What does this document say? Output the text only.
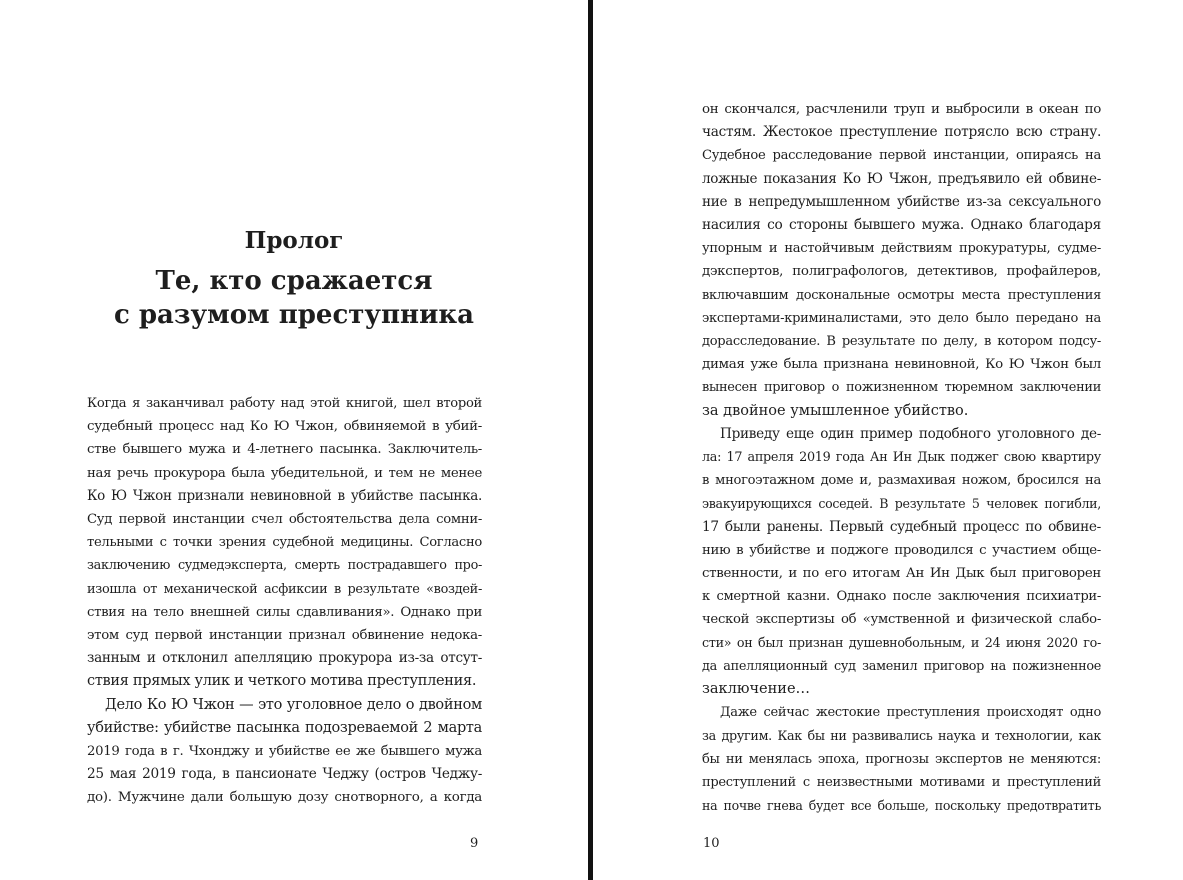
Пролог
Те, кто сражается
с разумом преступника
Когда я заканчивал работу над этой книгой, шел второй
судебный процесс над Ко Ю Чжон, обвиняемой в убий-
стве бывшего мужа и 4-летнего пасынка. Заключитель-
ная речь прокурора была убедительной, и тем не менее
Ко Ю Чжон признали невиновной в убийстве пасынка.
Суд первой инстанции счел обстоятельства дела сомни-
тельными с точки зрения судебной медицины. Согласно
заключению судмедэксперта, смерть пострадавшего про-
изошла от механической асфиксии в результате «воздей-
ствия на тело внешней силы сдавливания». Однако при
этом суд первой инстанции признал обвинение недока-
занным и отклонил апелляцию прокурора из-за отсут-
ствия прямых улик и четкого мотива преступления.
Дело Ко Ю Чжон — это уголовное дело о двойном
убийстве: убийстве пасынка подозреваемой 2 марта
2019 года в г. Чхонджу и убийстве ее же бывшего мужа
25 мая 2019 года, в пансионате Чеджу (остров Чеджу-
до). Мужчине дали большую дозу снотворного, а когда
9
он скончался, расчленили труп и выбросили в океан по
частям. Жестокое преступление потрясло всю страну.
Судебное расследование первой инстанции, опираясь на
ложные показания Ко Ю Чжон, предъявило ей обвине-
ние в непредумышленном убийстве из-за сексуального
насилия со стороны бывшего мужа. Однако благодаря
упорным и настойчивым действиям прокуратуры, судме-
дэкспертов, полиграфологов, детективов, профайлеров,
включавшим доскональные осмотры места преступления
экспертами-криминалистами, это дело было передано на
дорасследование. В результате по делу, в котором подсу-
димая уже была признана невиновной, Ко Ю Чжон был
вынесен приговор о пожизненном тюремном заключении
за двойное умышленное убийство.
Приведу еще один пример подобного уголовного де-
ла: 17 апреля 2019 года Ан Ин Дык поджег свою квартиру
в многоэтажном доме и, размахивая ножом, бросился на
эвакуирующихся соседей. В результате 5 человек погибли,
17 были ранены. Первый судебный процесс по обвине-
нию в убийстве и поджоге проводился с участием обще-
ственности, и по его итогам Ан Ин Дык был приговорен
к смертной казни. Однако после заключения психиатри-
ческой экспертизы об «умственной и физической слабо-
сти» он был признан душевнобольным, и 24 июня 2020 го-
да апелляционный суд заменил приговор на пожизненное
заключение…
Даже сейчас жестокие преступления происходят одно
за другим. Как бы ни развивались наука и технологии, как
бы ни менялась эпоха, прогнозы экспертов не меняются:
преступлений с неизвестными мотивами и преступлений
на почве гнева будет все больше, поскольку предотвратить
10
